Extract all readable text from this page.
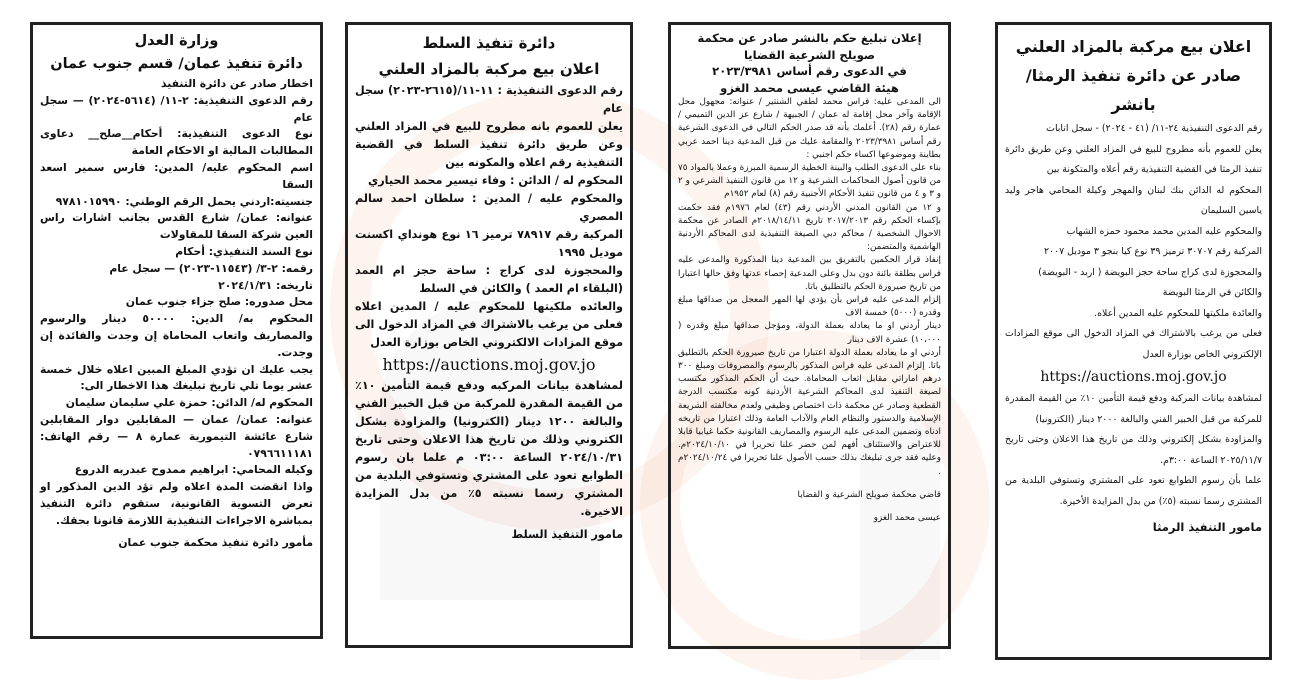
وزارة العدل

دائرة تنفيذ عمان/ قسم جنوب عمان

اخطار صادر عن دائرة التنفيذ

رقم الدعوى التنفيذية: ٢-١١/ (٥٦١٤-٢٠٢٤) — سجل عام

نوع الدعوى التنفيذية: أحكام__صلح__ دعاوى المطالبات المالية او الاحكام العامة

اسم المحكوم عليه/ المدين: فارس سمير اسعد السقا

جنسيته:اردني يحمل الرقم الوطني: ٩٧٨١٠١٥٩٩٠

عنوانه: عمان/ شارع القدس بجانب اشارات راس العين شركة السقا للمقاولات

نوع السند التنفيذي: أحكام

رقمه: ٢-٣/ (١١٥٤٣-٢٠٢٣) — سجل عام

تاريخه: ٢٠٢٤/١/٣١

محل صدوره: صلح جزاء جنوب عمان

المحكوم به/ الدين: ٥٠٠٠٠ دينار والرسوم والمصاريف واتعاب المحاماة إن وجدت والفائدة إن وجدت.

يجب عليك ان تؤدي المبلغ المبين اعلاه خلال خمسة عشر يوما تلي تاريخ تبليغك هذا الاخطار الى:

المحكوم له/ الدائن: حمزة علي سليمان سليمان

عنوانه: عمان/ عمان — المقابلين دوار المقابلين شارع عائشة التيمورية عمارة ٨ — رقم الهاتف: ٠٧٩٦٦١١١٨١

وكيله المحامي: ابراهيم ممدوح عبدربه الدروع

واذا انقضت المدة اعلاه ولم تؤد الدين المذكور او تعرض التسوية القانونية، ستقوم دائرة التنفيذ بمباشرة الاجراءات التنفيذية اللازمة قانونا بحقك.

مأمور دائرة تنفيذ محكمة جنوب عمان

دائرة تنفيذ السلط

اعلان بيع مركبة بالمزاد العلني

رقم الدعوى التنفيذية : ١١-١١/(٢٦١٥-٢٠٢٣) سجل عام

يعلن للعموم بانه مطروح للبيع في المزاد العلني وعن طريق دائرة تنفيذ السلط في القضية التنفيذية رقم اعلاه والمكونه بين

المحكوم له / الدائن : وفاء تيسير محمد الحياري

والمحكوم عليه / المدين : سلطان احمد سالم المصري

المركبة رقم ٧٨٩١٧ ترميز ١٦ نوع هونداي اكسنت موديل ١٩٩٥

والمحجوزة لدى كراج : ساحة حجز ام العمد (البلقاء ام العمد ) والكائن في السلط

والعائده ملكيتها للمحكوم عليه / المدين اعلاه فعلى من يرغب بالاشتراك في المزاد الدخول الى موقع المزادات الالكتروني الخاص بوزارة العدل

https://auctions.moj.gov.jo

لمشاهدة بيانات المركبه ودفع قيمة التأمين ١٠٪ من القيمة المقدرة للمركبة من قبل الخبير الفني والبالغة ١٢٠٠ دينار (الكترونيا) والمزاودة بشكل الكتروني وذلك من تاريخ هذا الاعلان وحتى تاريخ ٢٠٢٤/١٠/٣١ الساعة ٠٣:٠٠ م علما بان رسوم الطوابع تعود على المشتري وتستوفي البلدية من المشتري رسما نسبته ٥٪ من بدل المزايدة الاخيرة.

مامور التنفيذ السلط

إعلان تبليغ حكم بالنشر صادر عن محكمة صويلح الشرعية القضايا

في الدعوى رقم أساس ٢٠٢٣/٣٩٨١

هيئة القاضي عيسى محمد الغزو

الى المدعى عليه: فراس محمد لطفي الشنتير / عنوانه: مجهول محل الإقامة وآخر محل إقامة له عمان / الجبيهة / شارع عز الدين التميمي / عمارة رقم (٢٨). أعلمك بأنه قد صدر الحكم التالي في الدعوى الشرعية رقم أساس ٢٠٢٣/٣٩٨١ والمقامة عليك من قبل المدعية دينا احمد عربي بطاينة وموضوعها اكساء حكم اجنبي :

بناء على الدعوى الطلب والبينة الخطية الرسمية المبرزة وعملا بالمواد ٧٥ من قانون أصول المحاكمات الشرعية و ١٢ من قانون التنفيذ الشرعي و ٢ و ٣ و ٤ من قانون تنفيذ الأحكام الأجنبية رقم (٨) لعام ١٩٥٢م

و ١٢ من القانون المدني الأردني رقم (٤٣) لعام ١٩٧٦م فقد حكمت بإكساء الحكم رقم ٢٠١٧/٢٠١٣ تاريخ ٢٠١٨/١٤/١١م الصادر عن محكمة الاحوال الشخصية / محاكم دبي الصيغة التنفيذية لدى المحاكم الأردنية الهاشمية والمتضمن:

إنفاذ قرار الحكمين بالتفريق بين المدعية دينا المذكورة والمدعى عليه فراس بطلقة بائنة دون بدل وعلى المدعية إحصاء عدتها وفق حالها اعتبارا من تاريخ صيرورة الحكم بالتطليق باتا.

إلزام المدعى عليه فراس بأن يؤدي لها المهر المعجل من صداقها مبلغ وقدره (٥٠٠٠) خمسة الاف

دينار أردني او ما يعادله بعملة الدولة، ومؤجل صداقها مبلغ وقدره ( ١٠،٠٠٠) عشرة الاف دينار

أردني او ما يعادله بعملة الدولة اعتبارا من تاريخ صيرورة الحكم بالتطليق باتا. إلزام المدعى عليه فراس المذكور بالرسوم والمصروفات ومبلغ ٣٠٠ درهم اماراتي مقابل اتعاب المحاماة. حيث أن الحكم المذكور مكتسب لصيغة التنفيذ لدى المحاكم الشرعية الأردنية كونه مكتسب الدرجة القطعية وصادر عن محكمة ذات اختصاص وظيفي ولعدم مخالفته الشريعة الإسلامية والدستور والنظام العام والآداب العامة وذلك اعتبارا من تاريخه ادناه وتضمين المدعى عليه الرسوم والمصاريف القانونية حكما غيابيا قابلا للاعتراض والاستئناف أفهم لمن حضر علنا تحريرا في ٢٠٢٤/١٠/١٠م. وعليه فقد جرى تبليغك بذلك حسب الأصول علنا تحريرا في ٢٠٢٤/١٠/٢٤م .

قاضي محكمة صويلح الشرعية و القضايا

عيسى محمد الغزو

اعلان بيع مركبة بالمزاد العلني

صادر عن دائرة تنفيذ الرمثا/

بانشر

رقم الدعوى التنفيذية ٢٤-١١/ (٤١ - ٢٠٢٤) - سجل انابات

يعلن للعموم بأنه مطروح للبيع في المزاد العلني وعن طريق دائرة تنفيذ الرمثا في القضية التنفيذية رقم أعلاه والمتكونة بين

المحكوم له الدائن بنك لبنان والمهجر وكيلة المحامي هاجر وليد ياسين السليمان

والمحكوم عليه المدين محمد محمود حمزه الشهاب

المركبة رقم ٣٠٧٠٧ ترميز ٣٩ نوع كيا بنجو ٣ موديل ٢٠٠٧

والمحجوزة لدى كراج ساحة حجز البويضة ( اربد - البويضة)

والكائن في الرمثا البويضة

والعائدة ملكيتها للمحكوم عليه المدين أعلاه.

فعلى من يرغب بالاشتراك في المزاد الدخول الى موقع المزادات الإلكتروني الخاص بوزارة العدل

https://auctions.moj.gov.jo

لمشاهدة بيانات المركبة ودفع قيمة التأمين ١٠٪ من القيمة المقدرة للمركبة من قبل الخبير الفني والبالغة ٢٠٠٠ دينار (الكترونيا)

والمزاودة بشكل إلكتروني وذلك من تاريخ هذا الاعلان وحتى تاريخ ٢٠٢٥/١١/٧ الساعة ٣:٠٠م.

علما بأن رسوم الطوابع تعود على المشتري وتستوفي البلدية من المشتري رسما نسبته (٥٪) من بدل المزايدة الأخيرة.

مامور التنفيذ الرمثا
